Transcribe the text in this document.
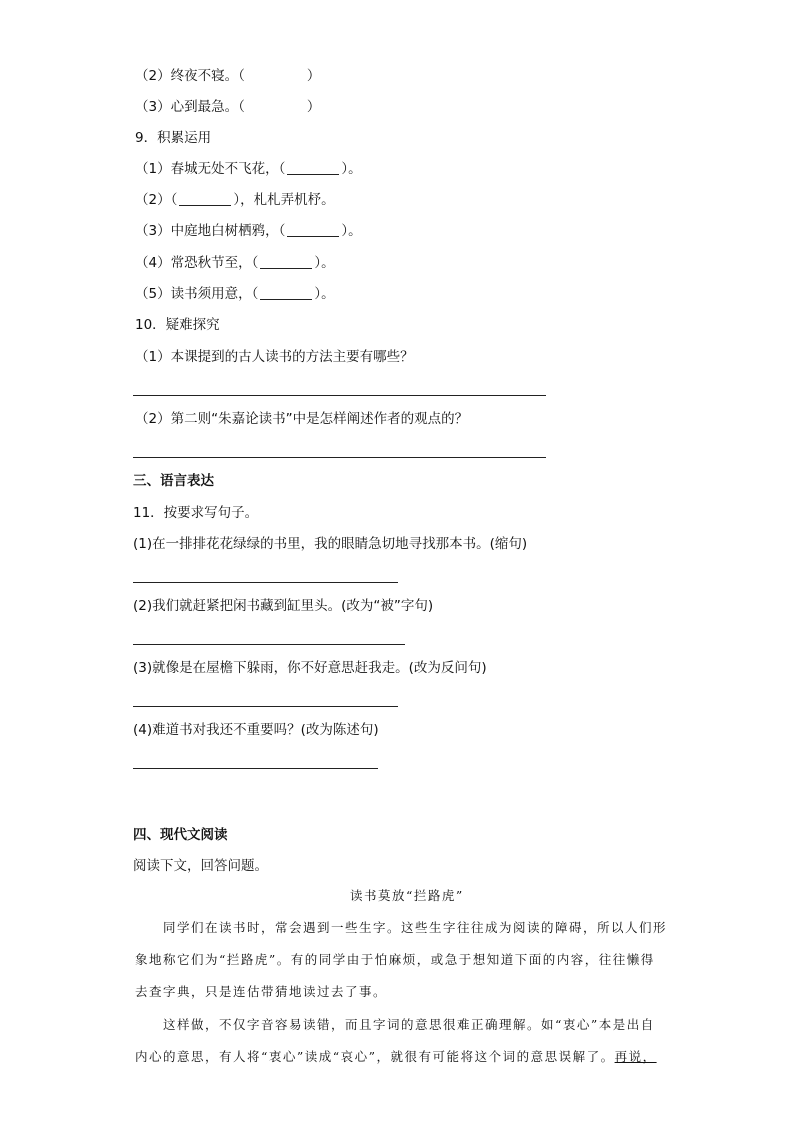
（2）终夜不寝。（	）
（3）心到最急。（	）
9．积累运用
（1）春城无处不飞花，（	）。
（2）（	），札札弄机杼。
（3）中庭地白树栖鸦，（	）。
（4）常恐秋节至，（	）。
（5）读书须用意，（	）。
10．疑难探究
（1）本课提到的古人读书的方法主要有哪些？
（2）第二则“朱嘉论读书”中是怎样阐述作者的观点的？
三、语言表达
11．按要求写句子。
(1)在一排排花花绿绿的书里，我的眼睛急切地寻找那本书。(缩句)
(2)我们就赶紧把闲书藏到缸里头。(改为“被”字句)
(3)就像是在屋檐下躲雨，你不好意思赶我走。(改为反问句)
(4)难道书对我还不重要吗？(改为陈述句)
四、现代文阅读
阅读下文，回答问题。
读书莫放“拦路虎”
同学们在读书时，常会遇到一些生字。这些生字往往成为阅读的障碍，所以人们形
象地称它们为“拦路虎”。有的同学由于怕麻烦，或急于想知道下面的内容，往往懒得
去查字典，只是连估带猜地读过去了事。
这样做，不仅字音容易读错，而且字词的意思很难正确理解。如“衷心”本是出自
内心的意思，有人将“衷心”读成“哀心”，就很有可能将这个词的意思误解了。再说，
